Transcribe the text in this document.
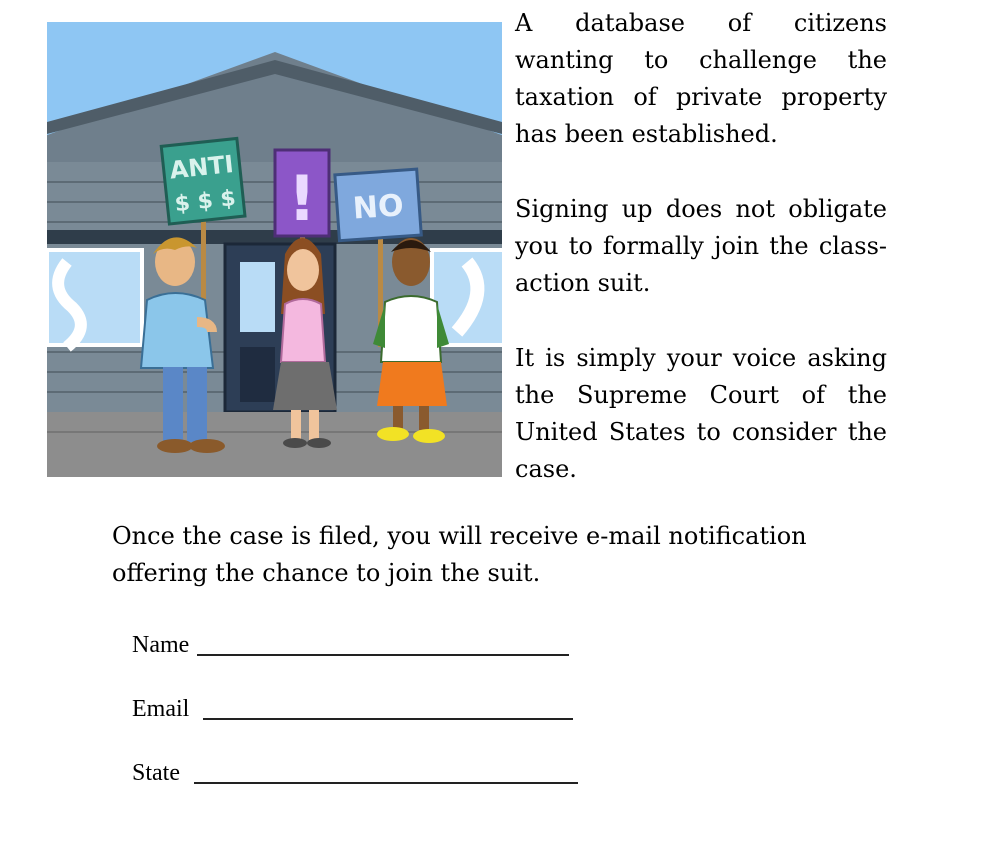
ANTI
$ $ $ ! NO

A database of citizens wanting to challenge the taxation of private property has been established.

Signing up does not obligate you to formally join the class-action suit.

It is simply your voice asking the Supreme Court of the United States to consider the case.

Once the case is filed, you will receive e-mail notification offering the chance to join the suit.

Name
Email
State
